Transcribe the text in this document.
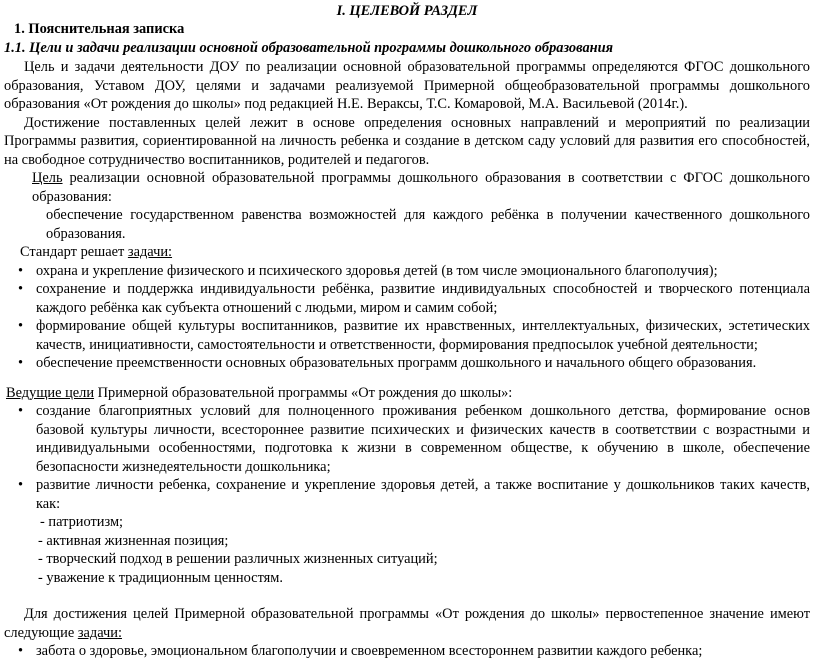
I. ЦЕЛЕВОЙ РАЗДЕЛ
1. Пояснительная записка
1.1. Цели и задачи реализации основной образовательной программы дошкольного образования

Цель и задачи деятельности ДОУ по реализации основной образовательной программы определяются ФГОС дошкольного образования, Уставом ДОУ, целями и задачами реализуемой Примерной общеобразовательной программы дошкольного образования «От рождения до школы» под редакцией Н.Е. Вераксы, Т.С. Комаровой, М.А. Васильевой (2014г.).

Достижение поставленных целей лежит в основе определения основных направлений и мероприятий по реализации Программы развития, сориентированной на личность ребенка и создание в детском саду условий для развития его способностей, на свободное сотрудничество воспитанников, родителей и педагогов.

Цель реализации основной образовательной программы дошкольного образования в соответствии с ФГОС дошкольного образования:

обеспечение государственном равенства возможностей для каждого ребёнка в получении качественного дошкольного образования.

Стандарт решает задачи:

• охрана и укрепление физического и психического здоровья детей (в том числе эмоционального благополучия);
• сохранение и поддержка индивидуальности ребёнка, развитие индивидуальных способностей и творческого потенциала каждого ребёнка как субъекта отношений с людьми, миром и самим собой;
• формирование общей культуры воспитанников, развитие их нравственных, интеллектуальных, физических, эстетических качеств, инициативности, самостоятельности и ответственности, формирования предпосылок учебной деятельности;
• обеспечение преемственности основных образовательных программ дошкольного и начального общего образования.

Ведущие цели Примерной образовательной программы «От рождения до школы»:

• создание благоприятных условий для полноценного проживания ребенком дошкольного детства, формирование основ базовой культуры личности, всестороннее развитие психических и физических качеств в соответствии с возрастными и индивидуальными особенностями, подготовка к жизни в современном обществе, к обучению в школе, обеспечение безопасности жизнедеятельности дошкольника;
• развитие личности ребенка, сохранение и укрепление здоровья детей, а также воспитание у дошкольников таких качеств, как:
- патриотизм;
- активная жизненная позиция;
- творческий подход в решении различных жизненных ситуаций;
- уважение к традиционным ценностям.

Для достижения целей Примерной образовательной программы «От рождения до школы» первостепенное значение имеют следующие задачи:

• забота о здоровье, эмоциональном благополучии и своевременном всестороннем развитии каждого ребенка;
